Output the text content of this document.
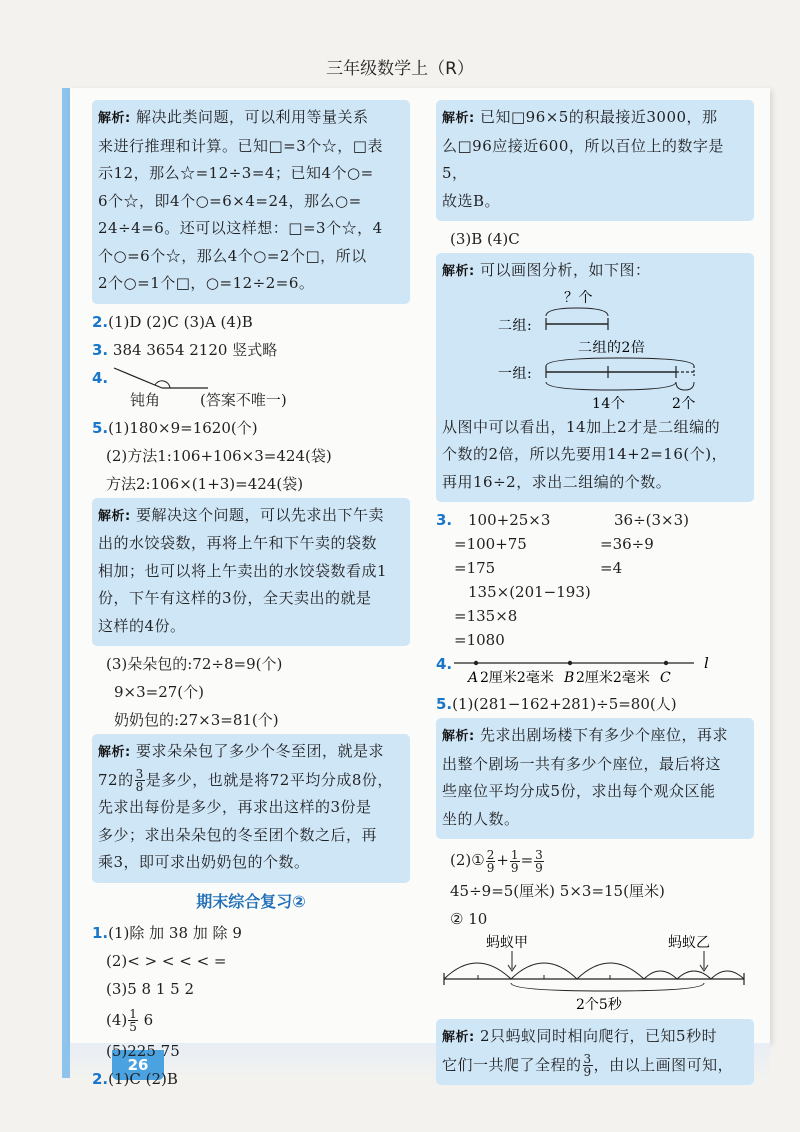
三年级数学上（R）
26
解析: 解决此类问题，可以利用等量关系
来进行推理和计算。已知□=3个☆，□表
示12，那么☆=12÷3=4；已知4个○=
6个☆，即4个○=6×4=24，那么○=
24÷4=6。还可以这样想：□=3个☆，4
个○=6个☆，那么4个○=2个□，所以
2个○=1个□，○=12÷2=6。
2.(1)D (2)C (3)A (4)B
3. 384 3654 2120 竖式略
4.
钝角	(答案不唯一)
5.(1)180×9=1620(个)
(2)方法1:106+106×3=424(袋)
方法2:106×(1+3)=424(袋)
解析: 要解决这个问题，可以先求出下午卖
出的水饺袋数，再将上午和下午卖的袋数
相加；也可以将上午卖出的水饺袋数看成1
份，下午有这样的3份，全天卖出的就是
这样的4份。
(3)朵朵包的:72÷8=9(个)
9×3=27(个)
奶奶包的:27×3=81(个)
解析: 要求朵朵包了多少个冬至团，就是求
72的 $\frac{3}{8}$ 是多少，也就是将72平均分成8份，
先求出每份是多少，再求出这样的3份是
多少；求出朵朵包的冬至团个数之后，再
乘3，即可求出奶奶包的个数。
期末综合复习②
1.(1)除 加 38 加 除 9
(2)< > < < < =
(3)5 8 1 5 2
$(4) \frac{1}{5} 6$
(5)225 75
2.(1)C (2)B
解析: 已知□96×5的积最接近3000，那
么□96应接近600，所以百位上的数字是5，
故选B。
(3)B (4)C
解析: 可以画图分析，如下图：
？个
二组:
二组的2倍
一组:
14个	2个
从图中可以看出，14加上2才是二组编的
个数的2倍，所以先要用14+2=16(个)，
再用16÷2，求出二组编的个数。
3. 100+25×3
=100+75
=175
36÷(3×3)
=36÷9
=4
135×(201−193)
=135×8
=1080
4.
A 2厘米2毫米 B 2厘米2毫米 C
l
5.(1)(281−162+281)÷5=80(人)
解析: 先求出剧场楼下有多少个座位，再求
出整个剧场一共有多少个座位，最后将这
些座位平均分成5份，求出每个观众区能
坐的人数。
(2)① $\frac{2}{9} + \frac{1}{9} = \frac{3}{9}$
45÷9=5(厘米) 5×3=15(厘米)
② 10
蚂蚁甲	蚂蚁乙
2个5秒
解析: 2只蚂蚁同时相向爬行，已知5秒时
它们一共爬了全程的 $\frac{3}{9}$ ，由以上画图可知，
